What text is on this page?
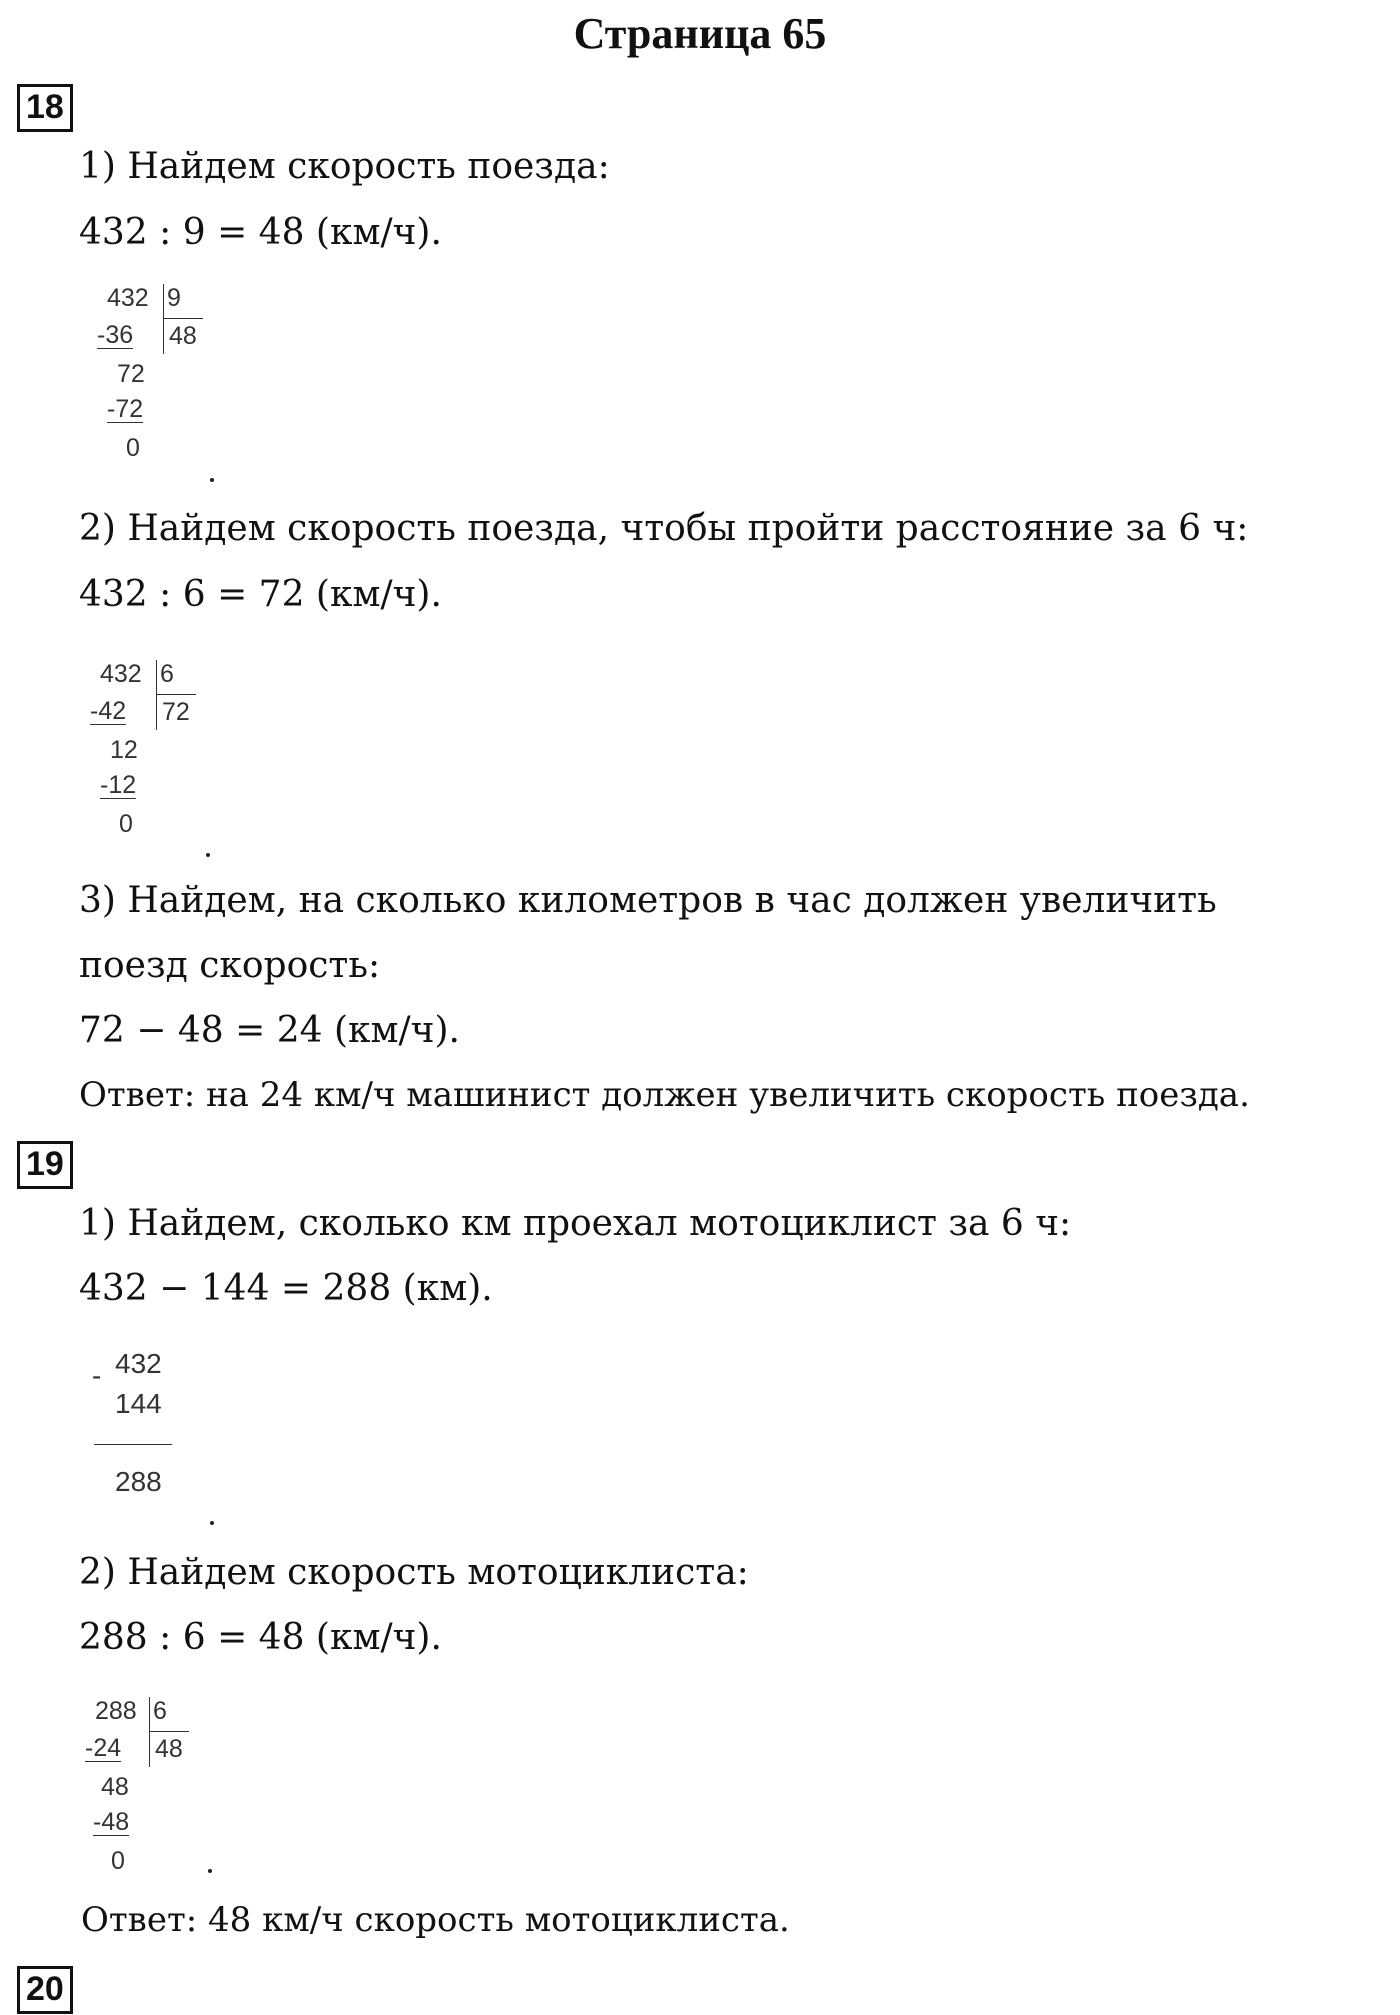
Страница 65
18
1) Найдем скорость поезда:
432 : 9 = 48 (км/ч).
432 9
48
-36
72
-72
0
2) Найдем скорость поезда, чтобы пройти расстояние за 6 ч:
432 : 6 = 72 (км/ч).
432 6
72
-42
12
-12
0
3) Найдем, на сколько километров в час должен увеличить
поезд скорость:
72 − 48 = 24 (км/ч).
Ответ: на 24 км/ч машинист должен увеличить скорость поезда.
19
1) Найдем, сколько км проехал мотоциклист за 6 ч:
432 − 144 = 288 (км).
- 432
144
288
2) Найдем скорость мотоциклиста:
288 : 6 = 48 (км/ч).
288 6
48
-24
48
-48
0
Ответ: 48 км/ч скорость мотоциклиста.
20
